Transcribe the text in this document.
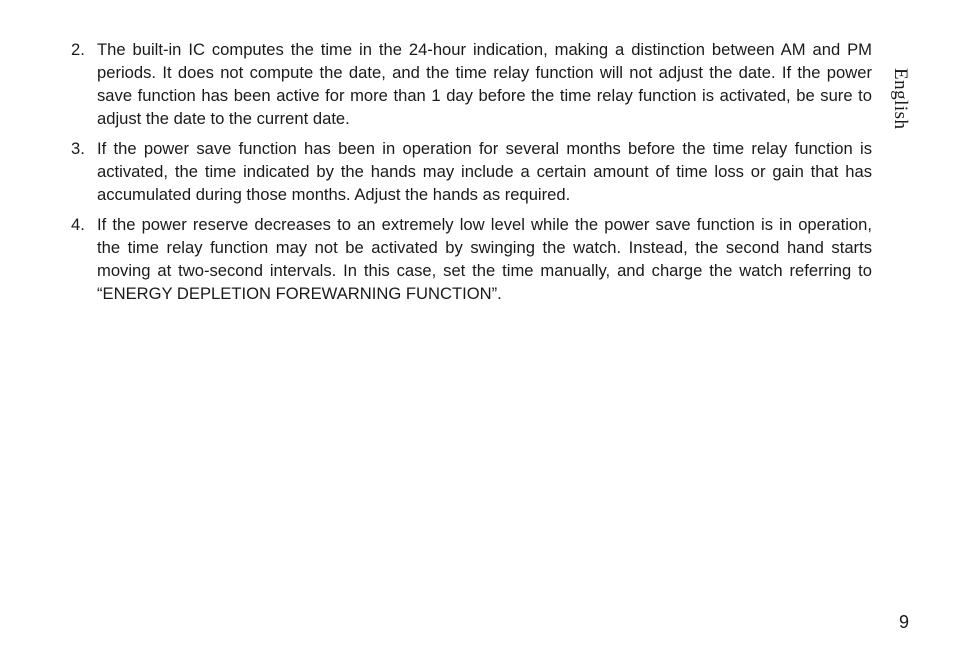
2. The built-in IC computes the time in the 24-hour indication, making a distinction between AM and PM periods. It does not compute the date, and the time relay function will not adjust the date. If the power save function has been active for more than 1 day before the time relay function is activated, be sure to adjust the date to the current date.
3. If the power save function has been in operation for several months before the time relay function is activated, the time indicated by the hands may include a certain amount of time loss or gain that has accumulated during those months. Adjust the hands as required.
4. If the power reserve decreases to an extremely low level while the power save function is in operation, the time relay function may not be activated by swinging the watch. Instead, the second hand starts moving at two-second intervals. In this case, set the time manually, and charge the watch referring to “ENERGY DEPLETION FOREWARNING FUNCTION”.
English
9
